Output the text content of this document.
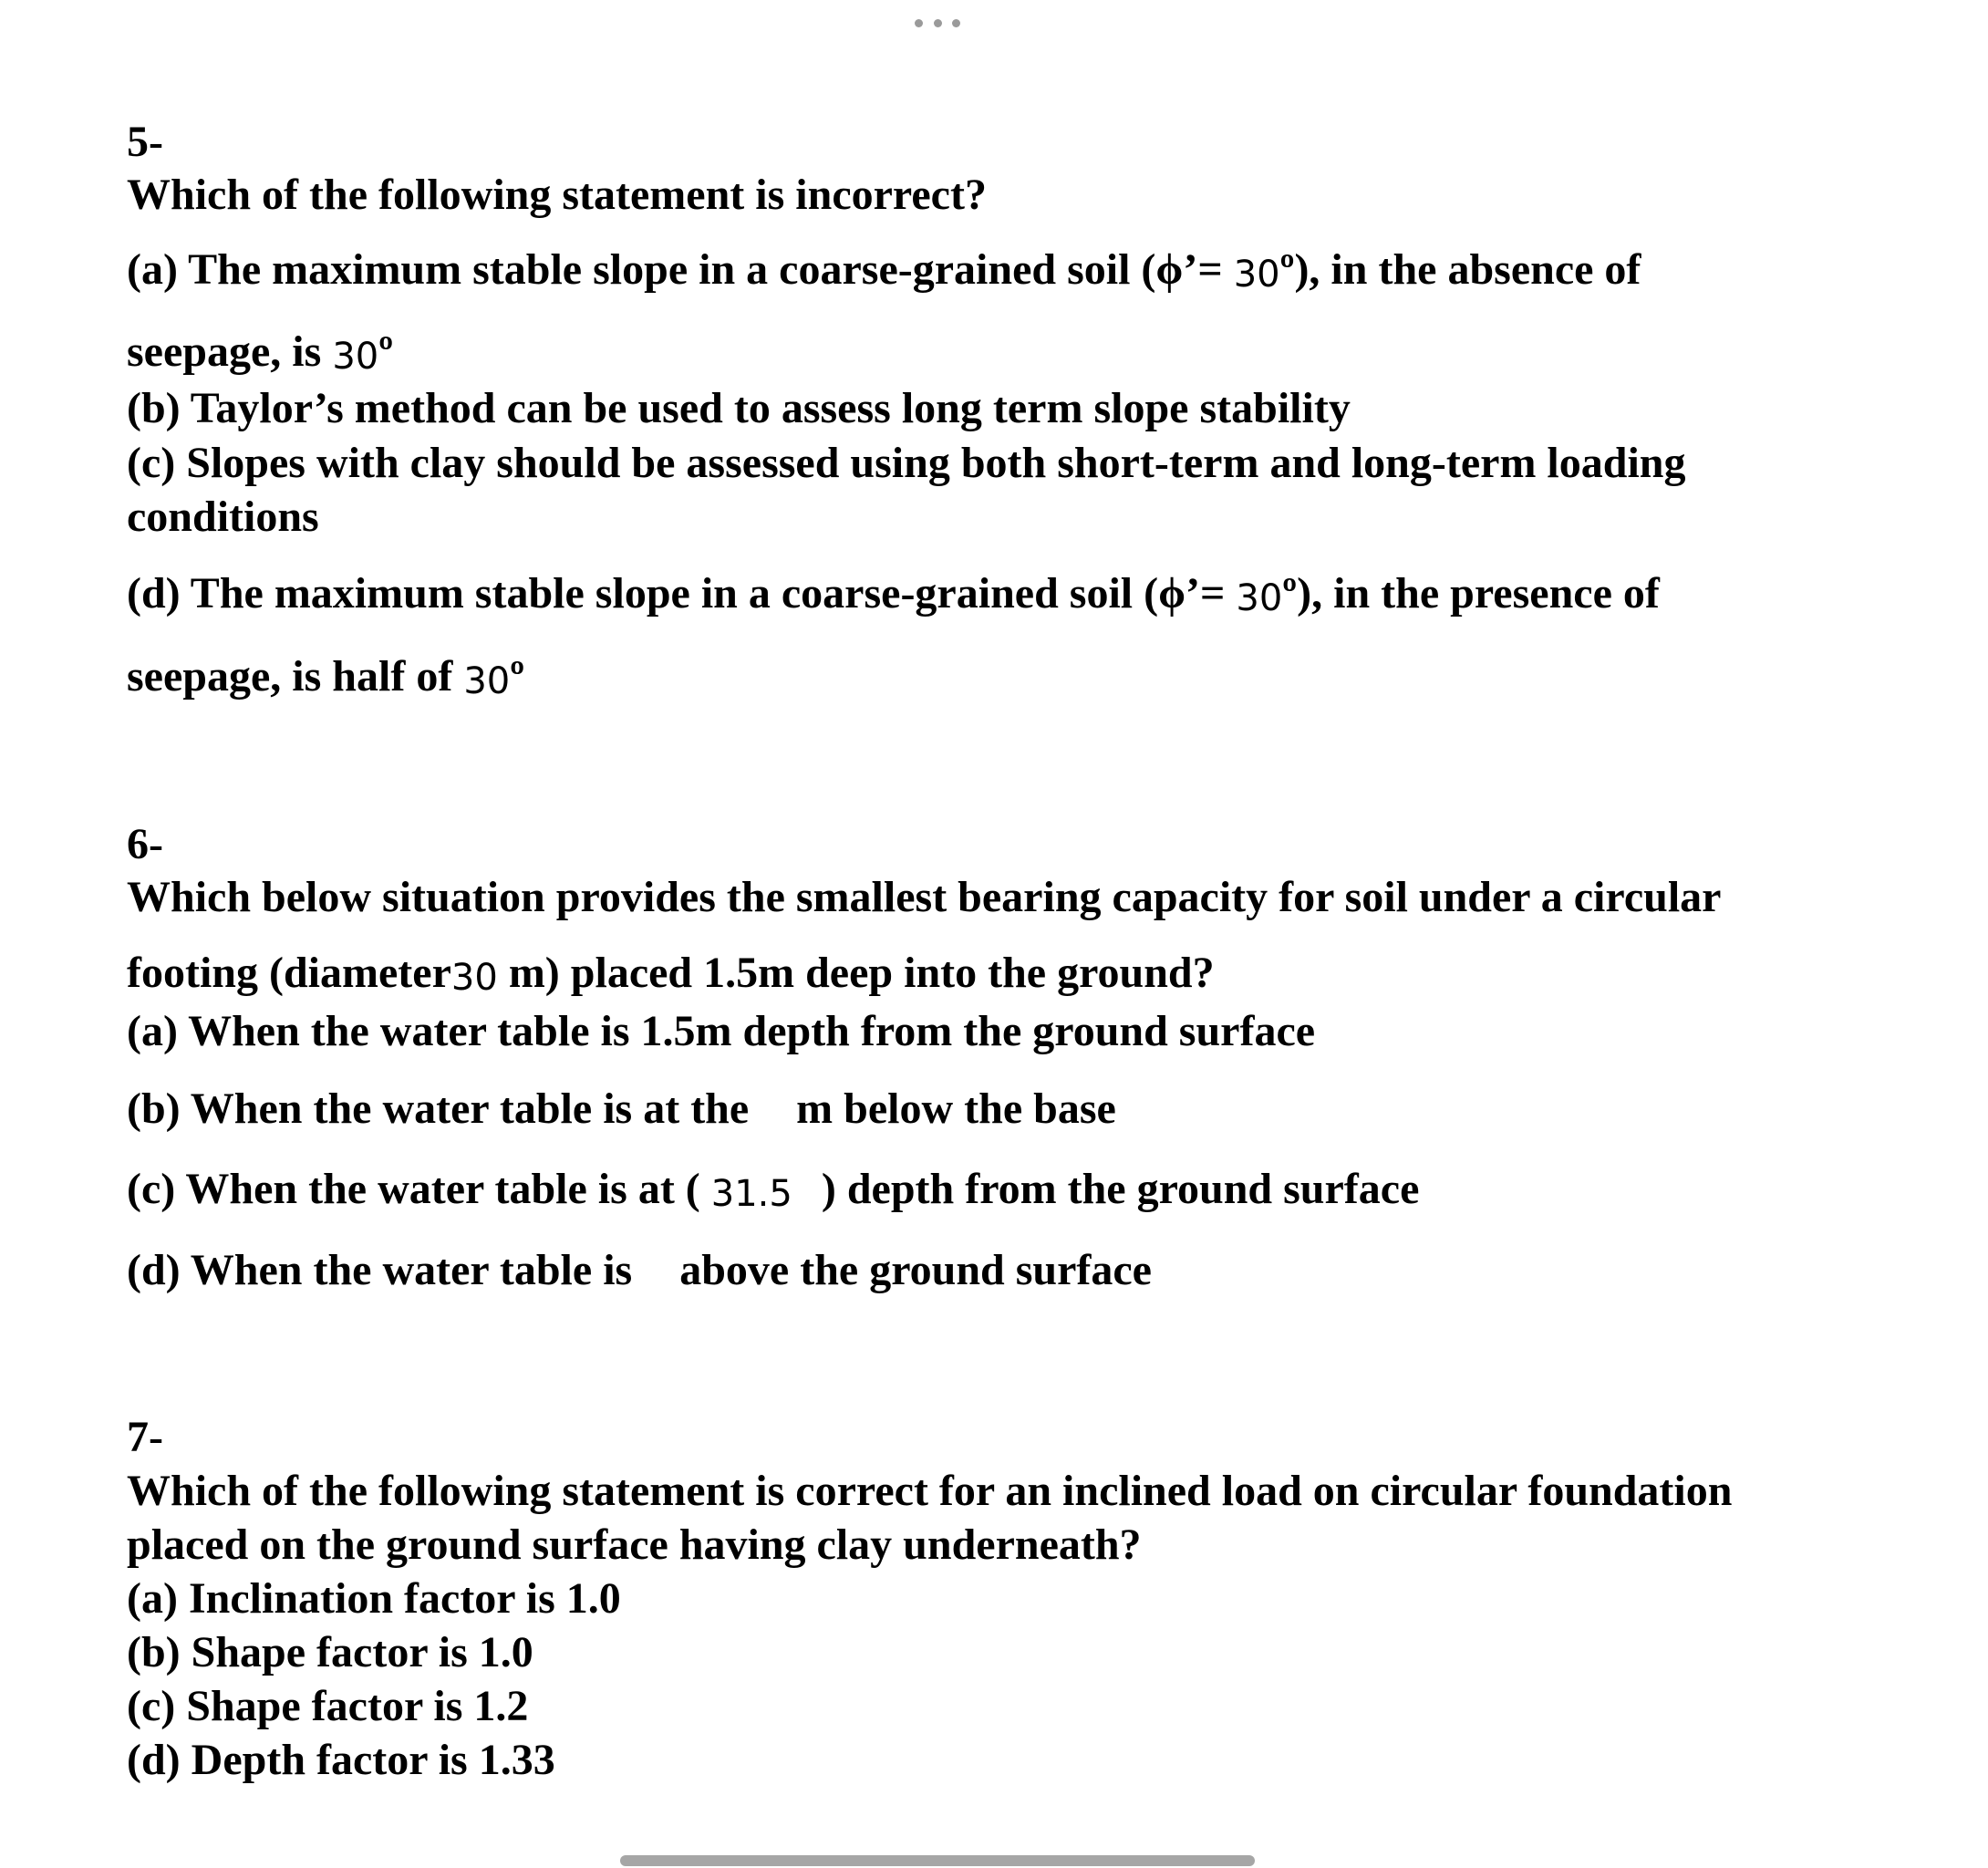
5-
Which of the following statement is incorrect?
(a) The maximum stable slope in a coarse-grained soil (ϕ’= 30º), in the absence of
seepage, is 30º
(b) Taylor’s method can be used to assess long term slope stability
(c) Slopes with clay should be assessed using both short-term and long-term loading
conditions
(d) The maximum stable slope in a coarse-grained soil (ϕ’= 30º), in the presence of
seepage, is half of 30º
6-
Which below situation provides the smallest bearing capacity for soil under a circular
footing (diameter30 m) placed 1.5m deep into the ground?
(a) When the water table is 1.5m depth from the ground surface
(b) When the water table is at the m below the base
(c) When the water table is at ( 31.5 ) depth from the ground surface
(d) When the water table is above the ground surface
7-
Which of the following statement is correct for an inclined load on circular foundation
placed on the ground surface having clay underneath?
(a) Inclination factor is 1.0
(b) Shape factor is 1.0
(c) Shape factor is 1.2
(d) Depth factor is 1.33
